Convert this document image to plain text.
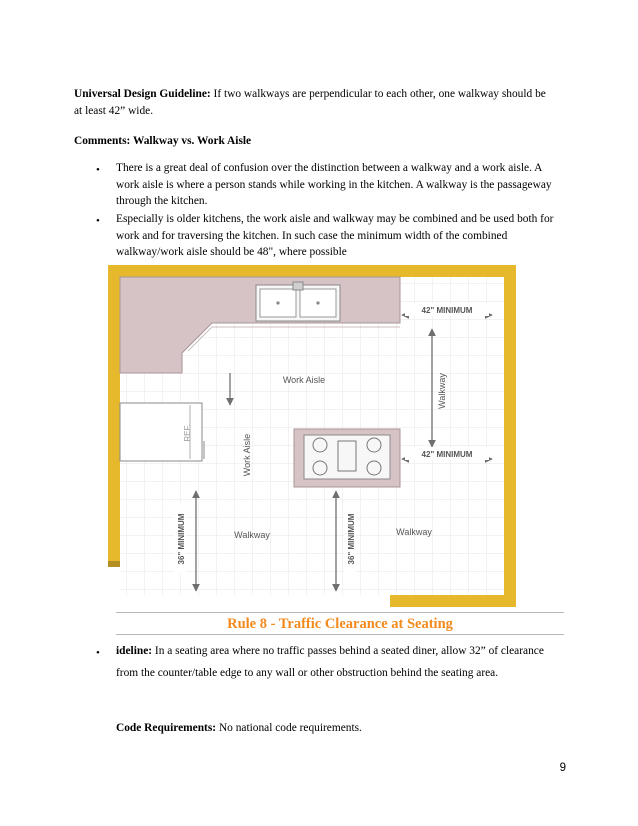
Universal Design Guideline: If two walkways are perpendicular to each other, one walkway should be at least 42” wide.

Comments: Walkway vs. Work Aisle

• There is a great deal of confusion over the distinction between a walkway and a work aisle. A work aisle is where a person stands while working in the kitchen. A walkway is the passageway through the kitchen.

• Especially is older kitchens, the work aisle and walkway may be combined and be used both for work and for traversing the kitchen. In such case the minimum width of the combined walkway/work aisle should be 48", where possible

REF.
42" MINIMUM
42" MINIMUM
Work Aisle
Work Aisle
Walkway
Walkway	Walkway
36" MINIMUM	36" MINIMUM
Rule 8 - Traffic Clearance at Seating
• ideline: In a seating area where no traffic passes behind a seated diner, allow 32” of clearance from the counter/table edge to any wall or other obstruction behind the seating area.

Code Requirements: No national code requirements.

9
